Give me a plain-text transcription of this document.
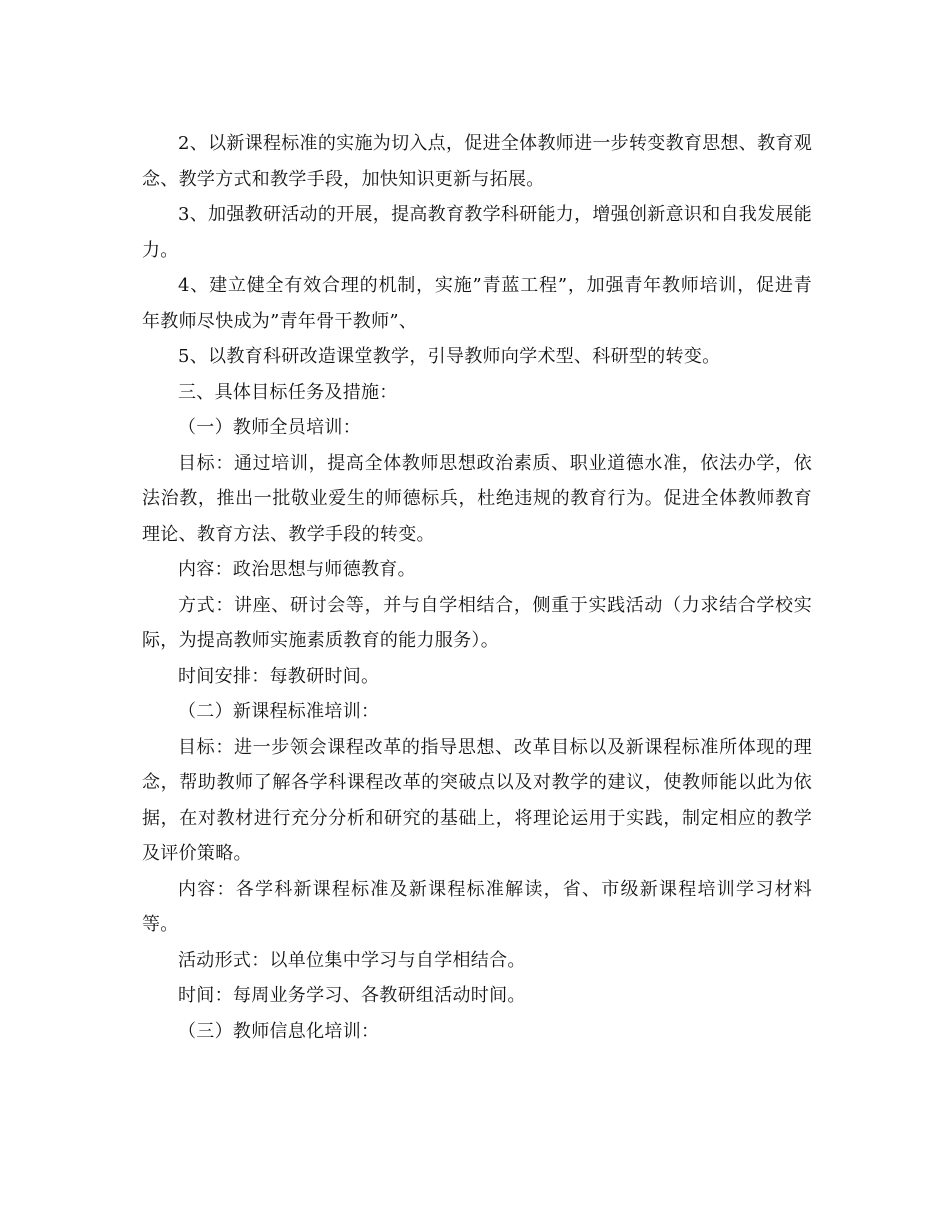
2、以新课程标准的实施为切入点，促进全体教师进一步转变教育思想、教育观念、教学方式和教学手段，加快知识更新与拓展。

3、加强教研活动的开展，提高教育教学科研能力，增强创新意识和自我发展能力。

4、建立健全有效合理的机制，实施”青蓝工程”，加强青年教师培训，促进青年教师尽快成为”青年骨干教师”、

5、以教育科研改造课堂教学，引导教师向学术型、科研型的转变。

三、具体目标任务及措施：

（一）教师全员培训：

目标：通过培训，提高全体教师思想政治素质、职业道德水准，依法办学，依法治教，推出一批敬业爱生的师德标兵，杜绝违规的教育行为。促进全体教师教育理论、教育方法、教学手段的转变。

内容：政治思想与师德教育。

方式：讲座、研讨会等，并与自学相结合，侧重于实践活动（力求结合学校实际，为提高教师实施素质教育的能力服务）。

时间安排：每教研时间。

（二）新课程标准培训：

目标：进一步领会课程改革的指导思想、改革目标以及新课程标准所体现的理念，帮助教师了解各学科课程改革的突破点以及对教学的建议，使教师能以此为依据，在对教材进行充分分析和研究的基础上，将理论运用于实践，制定相应的教学及评价策略。

内容：各学科新课程标准及新课程标准解读，省、市级新课程培训学习材料等。

活动形式：以单位集中学习与自学相结合。

时间：每周业务学习、各教研组活动时间。

（三）教师信息化培训：
